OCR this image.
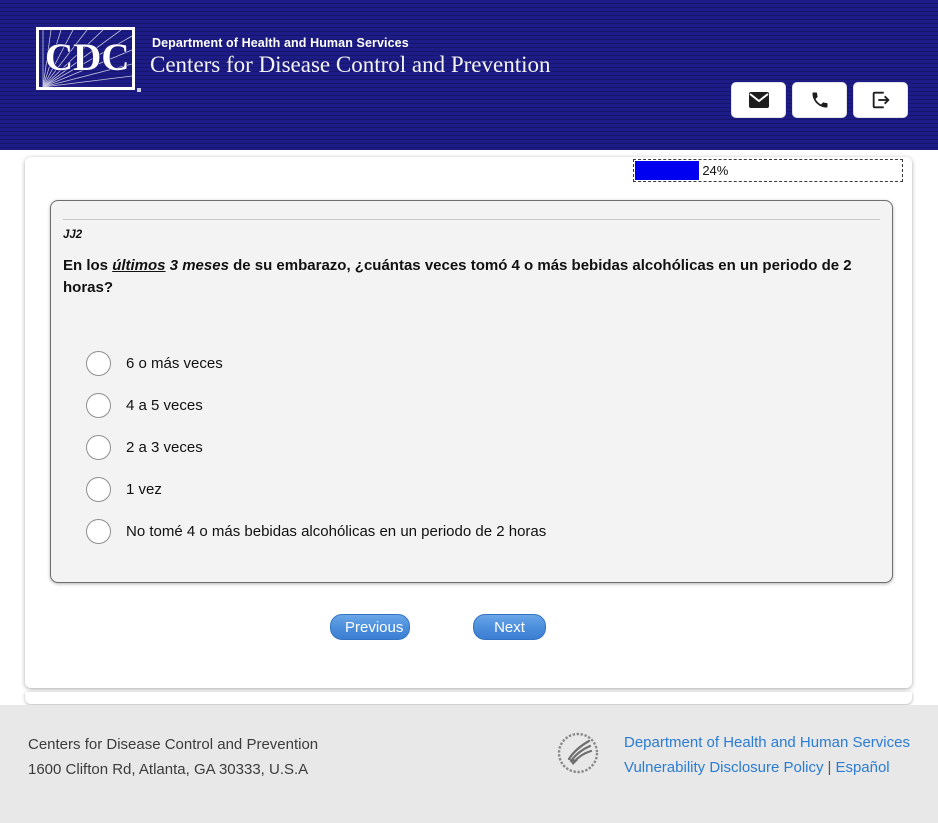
CDC Department of Health and Human Services
Centers for Disease Control and Prevention
24%
JJ2
En los últimos 3 meses de su embarazo, ¿cuántas veces tomó 4 o más bebidas alcohólicas en un periodo de 2 horas?
6 o más veces
4 a 5 veces
2 a 3 veces
1 vez
No tomé 4 o más bebidas alcohólicas en un periodo de 2 horas
Previous	Next
Centers for Disease Control and Prevention
1600 Clifton Rd, Atlanta, GA 30333, U.S.A
Department of Health and Human Services
Vulnerability Disclosure Policy | Español
